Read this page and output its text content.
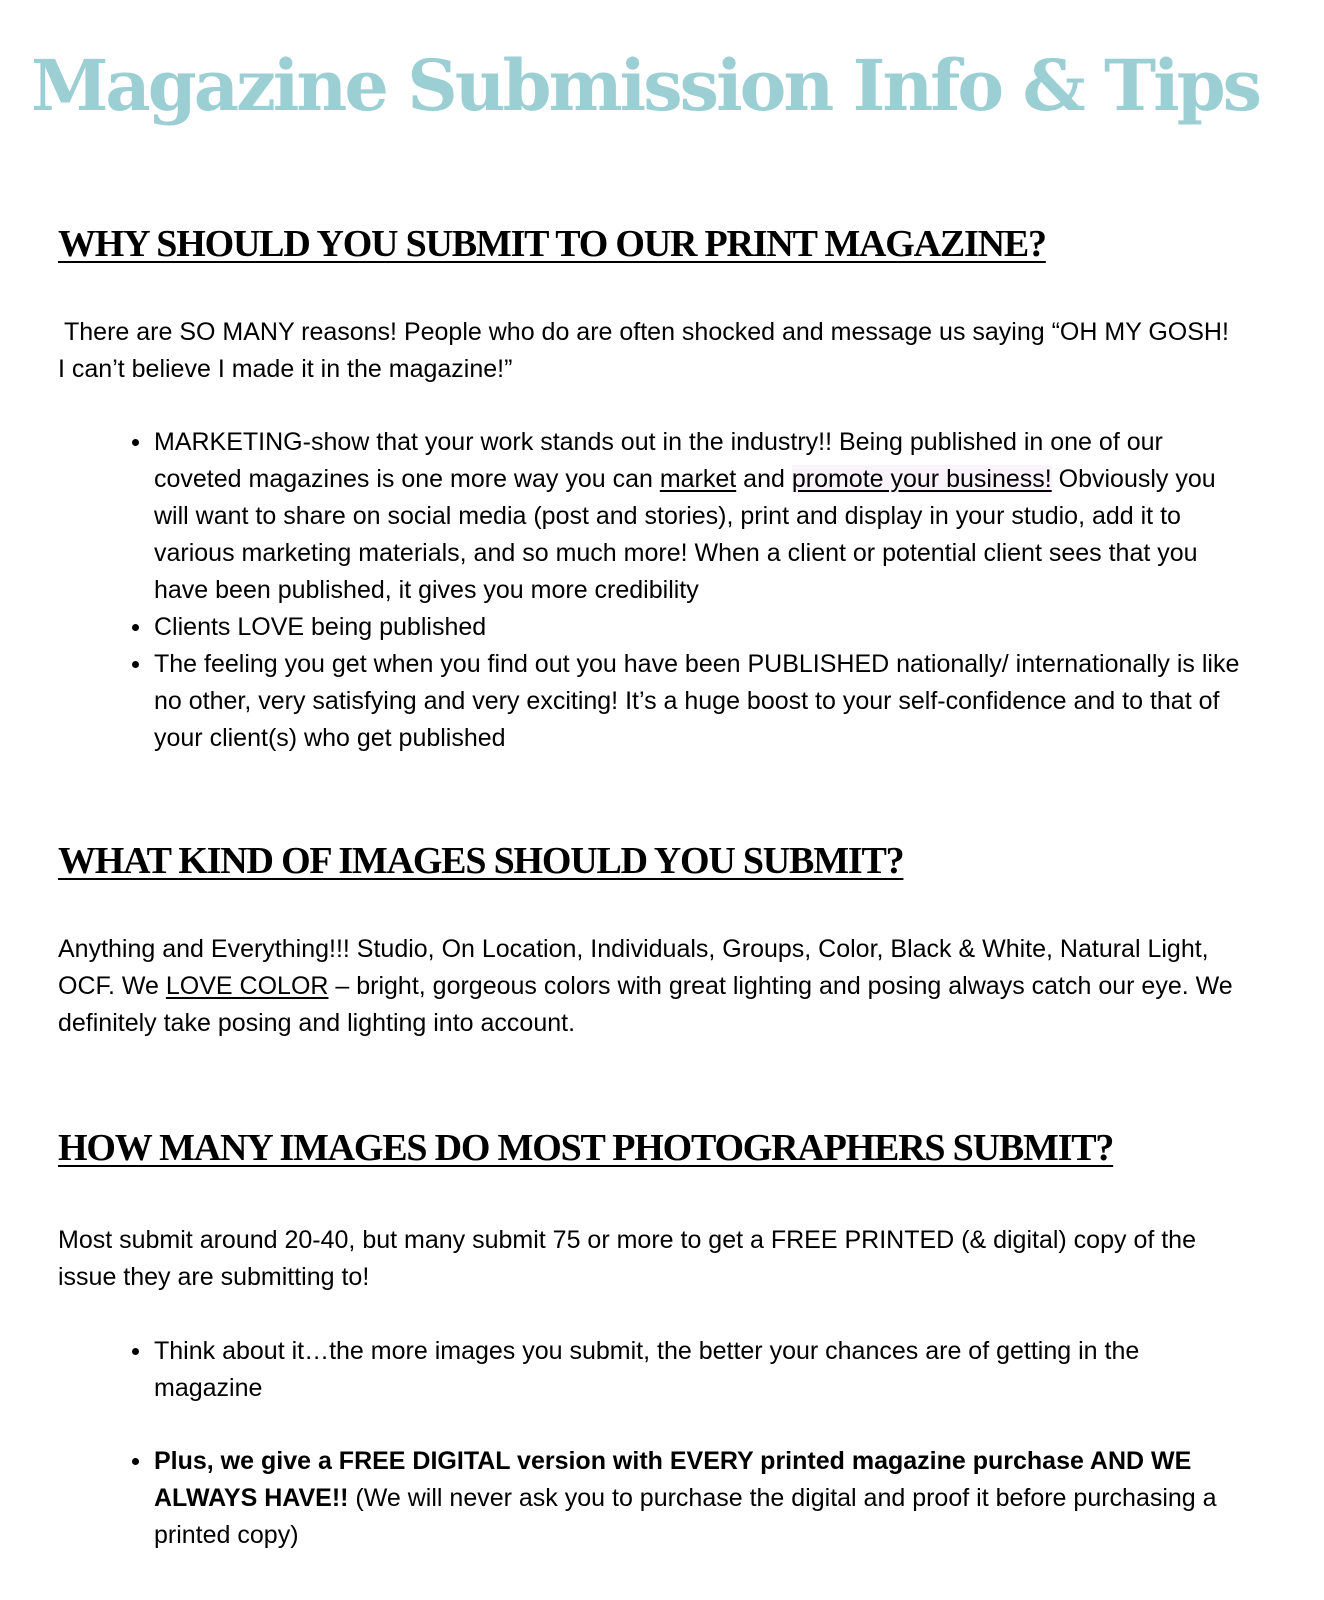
Magazine Submission Info & Tips
WHY SHOULD YOU SUBMIT TO OUR PRINT MAGAZINE?

There are SO MANY reasons! People who do are often shocked and message us saying “OH MY GOSH! I can’t believe I made it in the magazine!”

MARKETING-show that your work stands out in the industry!! Being published in one of our coveted magazines is one more way you can market and promote your business! Obviously you will want to share on social media (post and stories), print and display in your studio, add it to various marketing materials, and so much more! When a client or potential client sees that you have been published, it gives you more credibility
Clients LOVE being published
The feeling you get when you find out you have been PUBLISHED nationally/ internationally is like no other, very satisfying and very exciting! It’s a huge boost to your self-confidence and to that of your client(s) who get published
WHAT KIND OF IMAGES SHOULD YOU SUBMIT?

Anything and Everything!!! Studio, On Location, Individuals, Groups, Color, Black & White, Natural Light, OCF. We LOVE COLOR – bright, gorgeous colors with great lighting and posing always catch our eye. We definitely take posing and lighting into account.

HOW MANY IMAGES DO MOST PHOTOGRAPHERS SUBMIT?

Most submit around 20-40, but many submit 75 or more to get a FREE PRINTED (& digital) copy of the issue they are submitting to!

Think about it…the more images you submit, the better your chances are of getting in the magazine
Plus, we give a FREE DIGITAL version with EVERY printed magazine purchase AND WE ALWAYS HAVE!! (We will never ask you to purchase the digital and proof it before purchasing a printed copy)
